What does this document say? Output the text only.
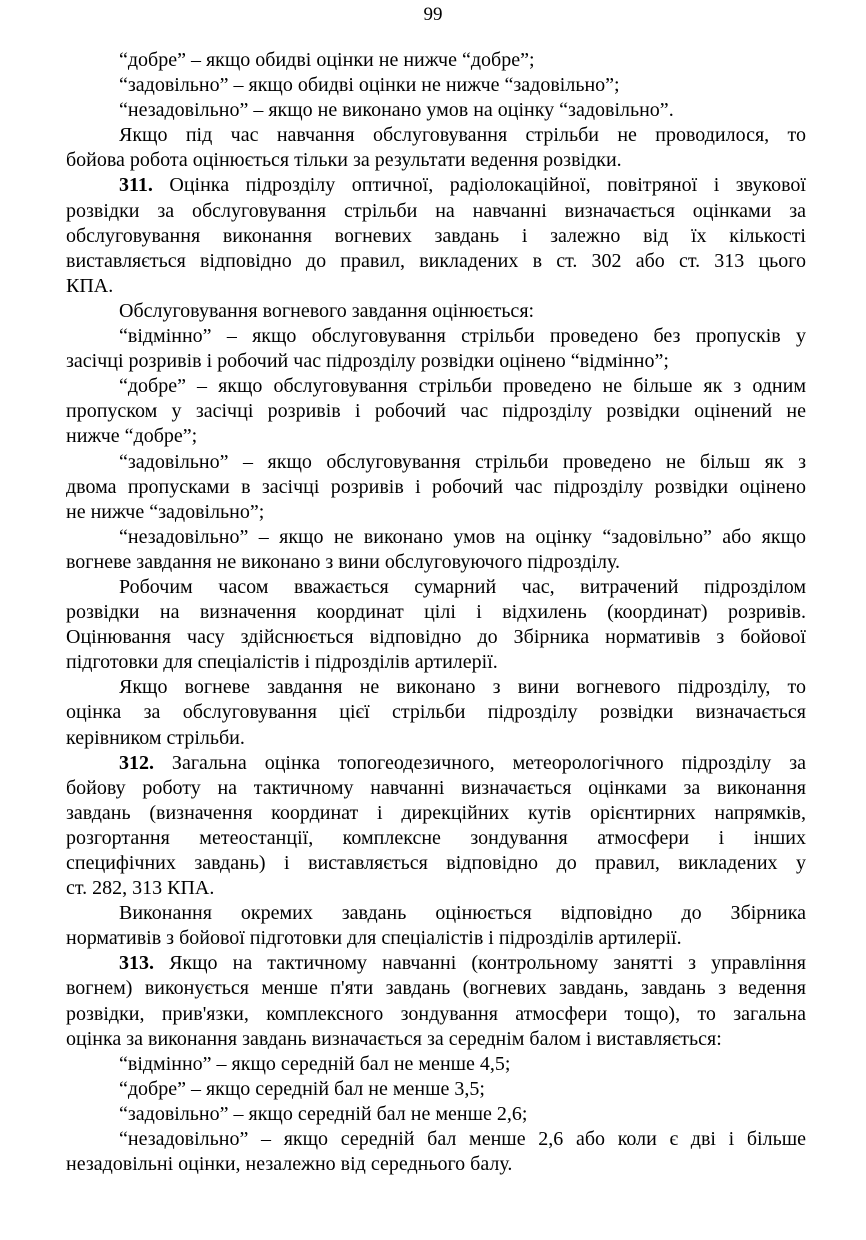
99
“добре” – якщо обидві оцінки не нижче “добре”;
“задовільно” – якщо обидві оцінки не нижче “задовільно”;
“незадовільно” – якщо не виконано умов на оцінку “задовільно”.
Якщо під час навчання обслуговування стрільби не проводилося, то
бойова робота оцінюється тільки за результати ведення розвідки.
311. Оцінка підрозділу оптичної, радіолокаційної, повітряної і звукової
розвідки за обслуговування стрільби на навчанні визначається оцінками за
обслуговування виконання вогневих завдань і залежно від їх кількості
виставляється відповідно до правил, викладених в ст. 302 або ст. 313 цього
КПА.
Обслуговування вогневого завдання оцінюється:
“відмінно” – якщо обслуговування стрільби проведено без пропусків у
засічці розривів і робочий час підрозділу розвідки оцінено “відмінно”;
“добре” – якщо обслуговування стрільби проведено не більше як з одним
пропуском у засічці розривів і робочий час підрозділу розвідки оцінений не
нижче “добре”;
“задовільно” – якщо обслуговування стрільби проведено не більш як з
двома пропусками в засічці розривів і робочий час підрозділу розвідки оцінено
не нижче “задовільно”;
“незадовільно” – якщо не виконано умов на оцінку “задовільно” або якщо
вогневе завдання не виконано з вини обслуговуючого підрозділу.
Робочим часом вважається сумарний час, витрачений підрозділом
розвідки на визначення координат цілі і відхилень (координат) розривів.
Оцінювання часу здійснюється відповідно до Збірника нормативів з бойової
підготовки для спеціалістів і підрозділів артилерії.
Якщо вогневе завдання не виконано з вини вогневого підрозділу, то
оцінка за обслуговування цієї стрільби підрозділу розвідки визначається
керівником стрільби.
312. Загальна оцінка топогеодезичного, метеорологічного підрозділу за
бойову роботу на тактичному навчанні визначається оцінками за виконання
завдань (визначення координат і дирекційних кутів орієнтирних напрямків,
розгортання метеостанції, комплексне зондування атмосфери і інших
специфічних завдань) і виставляється відповідно до правил, викладених у
ст. 282, 313 КПА.
Виконання окремих завдань оцінюється відповідно до Збірника
нормативів з бойової підготовки для спеціалістів і підрозділів артилерії.
313. Якщо на тактичному навчанні (контрольному занятті з управління
вогнем) виконується менше п'яти завдань (вогневих завдань, завдань з ведення
розвідки, прив'язки, комплексного зондування атмосфери тощо), то загальна
оцінка за виконання завдань визначається за середнім балом і виставляється:
“відмінно” – якщо середній бал не менше 4,5;
“добре” – якщо середній бал не менше 3,5;
“задовільно” – якщо середній бал не менше 2,6;
“незадовільно” – якщо середній бал менше 2,6 або коли є дві і більше
незадовільні оцінки, незалежно від середнього балу.
